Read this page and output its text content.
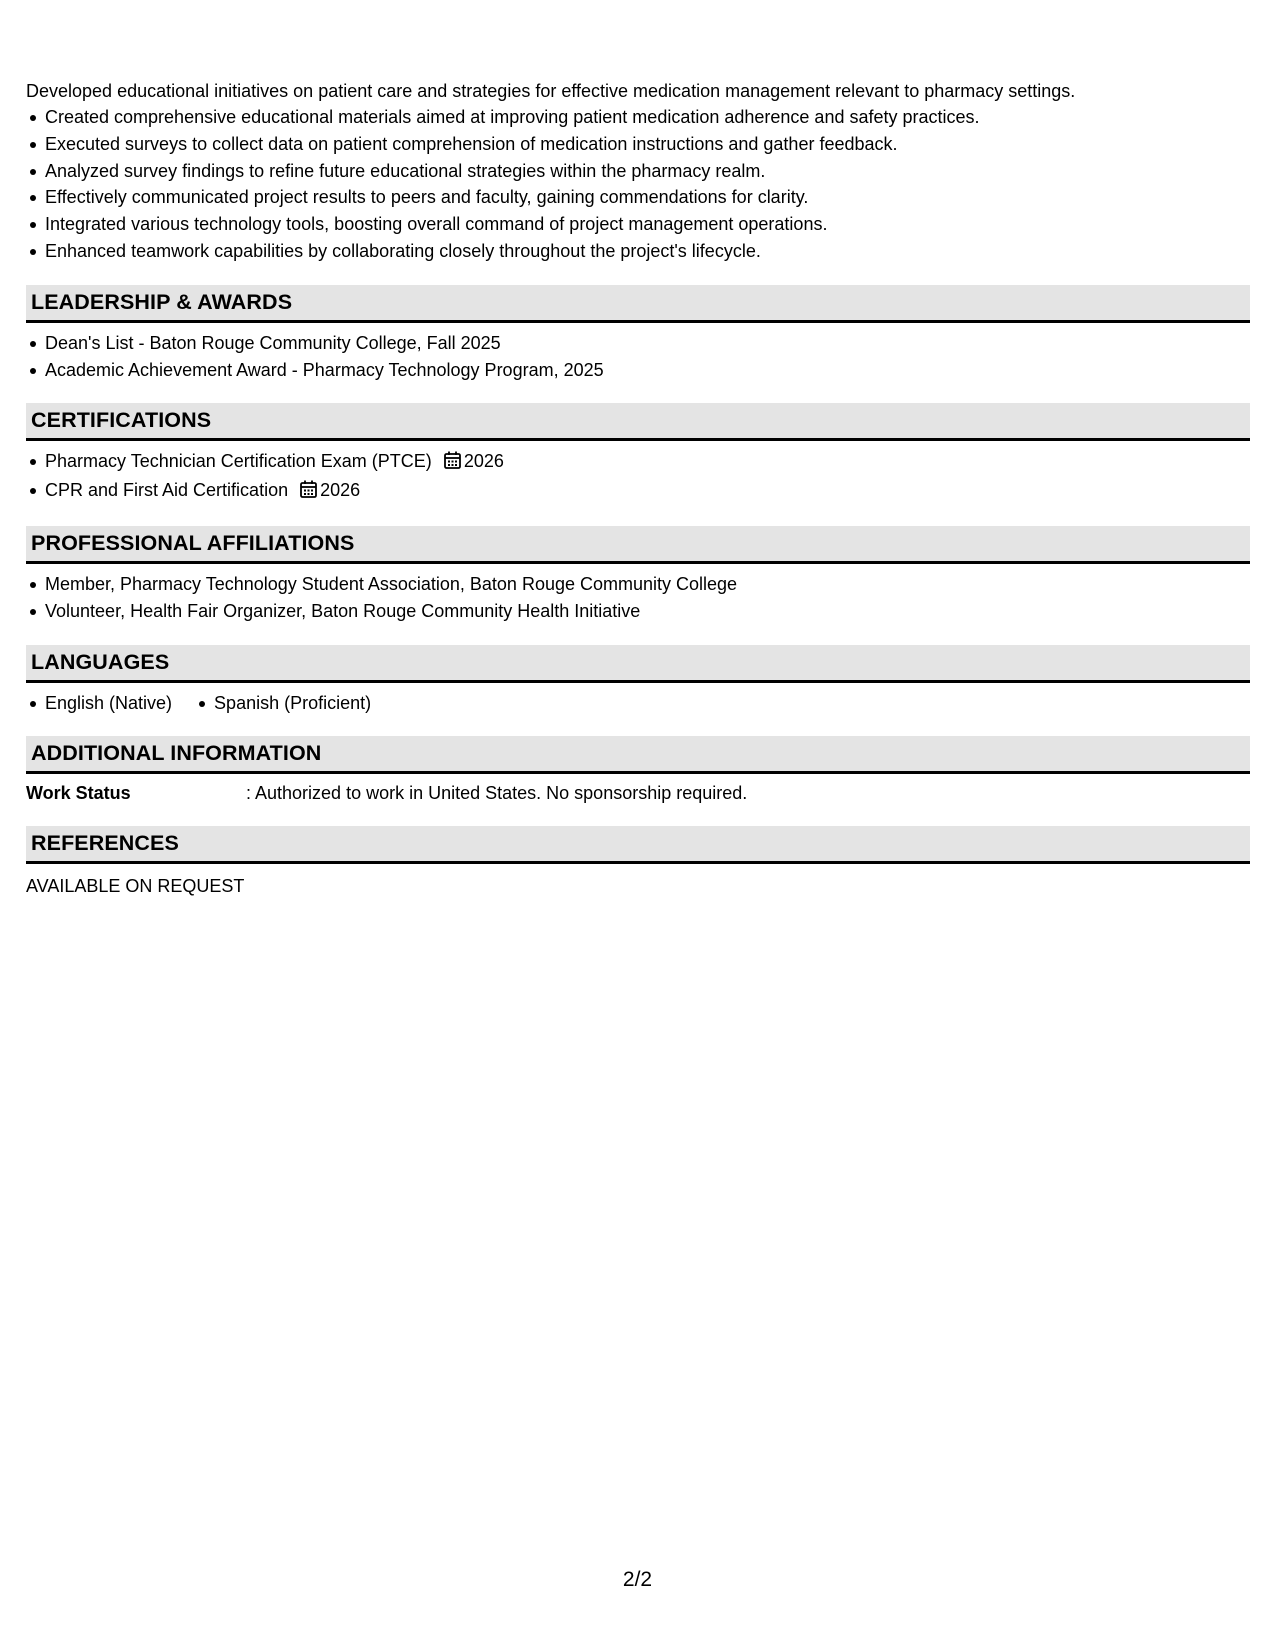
Developed educational initiatives on patient care and strategies for effective medication management relevant to pharmacy settings.

Created comprehensive educational materials aimed at improving patient medication adherence and safety practices.
Executed surveys to collect data on patient comprehension of medication instructions and gather feedback.
Analyzed survey findings to refine future educational strategies within the pharmacy realm.
Effectively communicated project results to peers and faculty, gaining commendations for clarity.
Integrated various technology tools, boosting overall command of project management operations.
Enhanced teamwork capabilities by collaborating closely throughout the project's lifecycle.
LEADERSHIP & AWARDS
Dean's List - Baton Rouge Community College, Fall 2025
Academic Achievement Award - Pharmacy Technology Program, 2025
CERTIFICATIONS
Pharmacy Technician Certification Exam (PTCE) 2026
CPR and First Aid Certification 2026
PROFESSIONAL AFFILIATIONS
Member, Pharmacy Technology Student Association, Baton Rouge Community College
Volunteer, Health Fair Organizer, Baton Rouge Community Health Initiative
LANGUAGES
English (Native)	Spanish (Proficient)
ADDITIONAL INFORMATION
Work Status	: Authorized to work in United States. No sponsorship required.
REFERENCES
AVAILABLE ON REQUEST
2/2
